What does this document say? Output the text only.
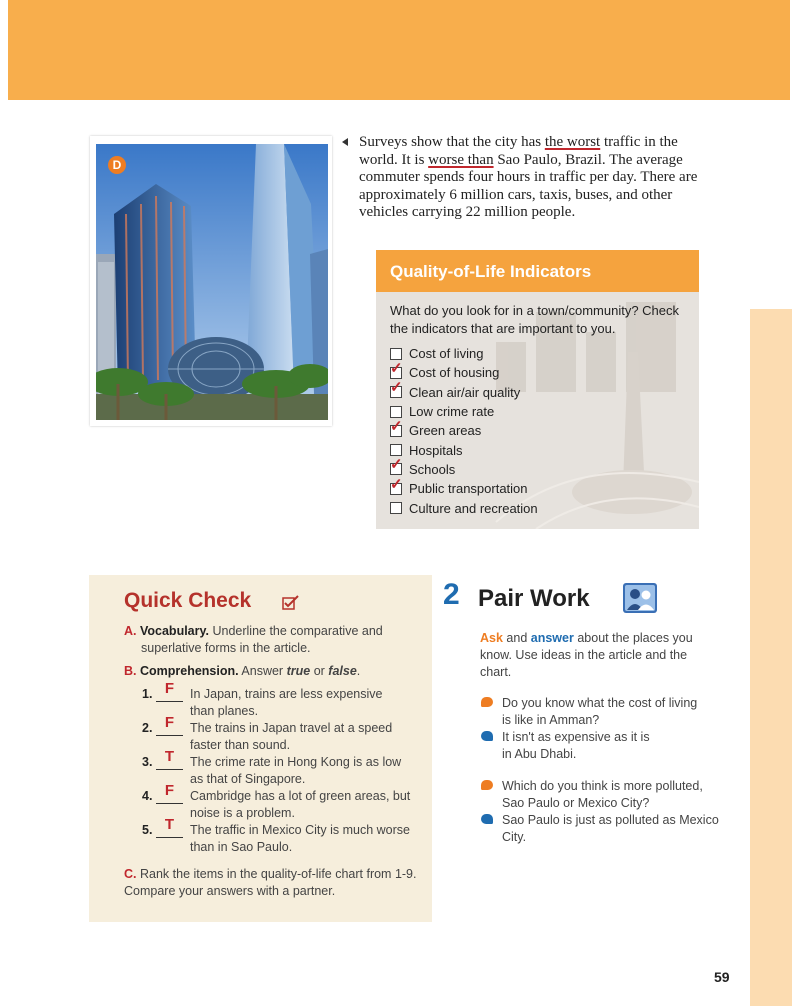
D

Surveys show that the city has the worst traffic in the world. It is worse than Sao Paulo, Brazil. The average commuter spends four hours in traffic per day. There are approximately 6 million cars, taxis, buses, and other vehicles carrying 22 million people.

Quality-of-Life Indicators
What do you look for in a town/community? Check the indicators that are important to you.
Cost of living
✓ Cost of housing
✓ Clean air/air quality
Low crime rate
✓ Green areas
Hospitals
✓ Schools
✓ Public transportation
Culture and recreation
Quick Check
A. Vocabulary. Underline the comparative and
superlative forms in the article.
B. Comprehension. Answer true or false.
1. F	In Japan, trains are less expensive
than planes.
2. F	The trains in Japan travel at a speed
faster than sound.
3. T	The crime rate in Hong Kong is as low
as that of Singapore.
4. F	Cambridge has a lot of green areas, but
noise is a problem.
5. T	The traffic in Mexico City is much worse
than in Sao Paulo.
C. Rank the items in the quality-of-life chart from 1-9.
Compare your answers with a partner.
2 Pair Work
Ask and answer about the places you know. Use ideas in the article and the chart.
Do you know what the cost of living
is like in Amman?
It isn't as expensive as it is
in Abu Dhabi.
Which do you think is more polluted,
Sao Paulo or Mexico City?
Sao Paulo is just as polluted as Mexico
City.
59
